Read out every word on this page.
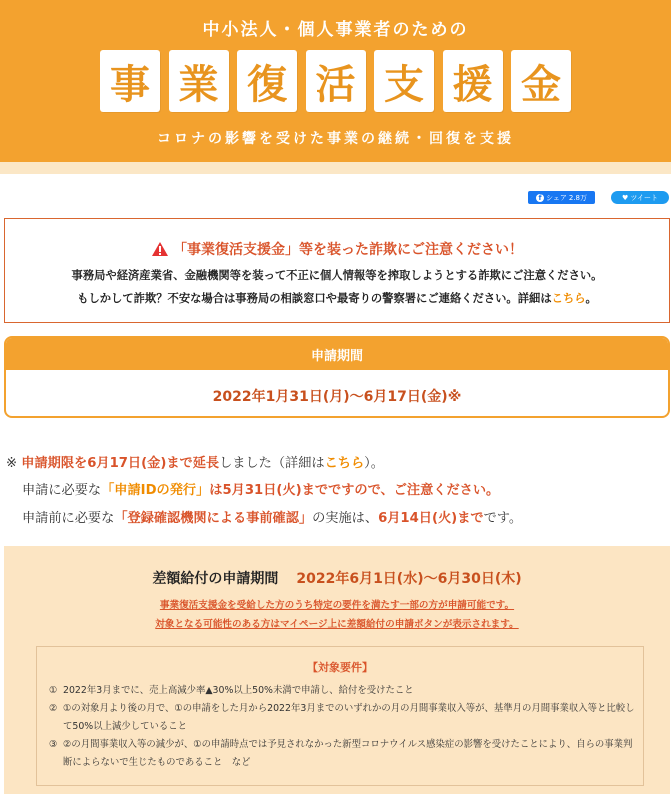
中小法人・個人事業者のための
事 業 復 活 支 援 金
コロナの影響を受けた事業の継続・回復を支援
f シェア 2.8万	♥ ツイート
「事業復活支援金」等を装った詐欺にご注意ください！
事務局や経済産業省、金融機関等を装って不正に個人情報等を搾取しようとする詐欺にご注意ください。
もしかして詐欺？不安な場合は事務局の相談窓口や最寄りの警察署にご連絡ください。詳細はこちら。
申請期間
2022年1月31日(月)～6月17日(金)※
※ 申請期限を6月17日(金)まで延長しました（詳細はこちら）。
申請に必要な「申請IDの発行」は5月31日(火)までですので、ご注意ください。
申請前に必要な「登録確認機関による事前確認」の実施は、6月14日(火)までです。
差額給付の申請期間 2022年6月1日(水)～6月30日(木)
事業復活支援金を受給した方のうち特定の要件を満たす一部の方が申請可能です。
対象となる可能性のある方はマイページ上に差額給付の申請ボタンが表示されます。
【対象要件】
① 2022年3月までに、売上高減少率▲30%以上50%未満で申請し、給付を受けたこと
② ①の対象月より後の月で、①の申請をした月から2022年3月までのいずれかの月の月間事業収入等が、基準月の月間事業収入等と比較して50%以上減少していること
③ ②の月間事業収入等の減少が、①の申請時点では予見されなかった新型コロナウイルス感染症の影響を受けたことにより、自らの事業判断によらないで生じたものであること　など
